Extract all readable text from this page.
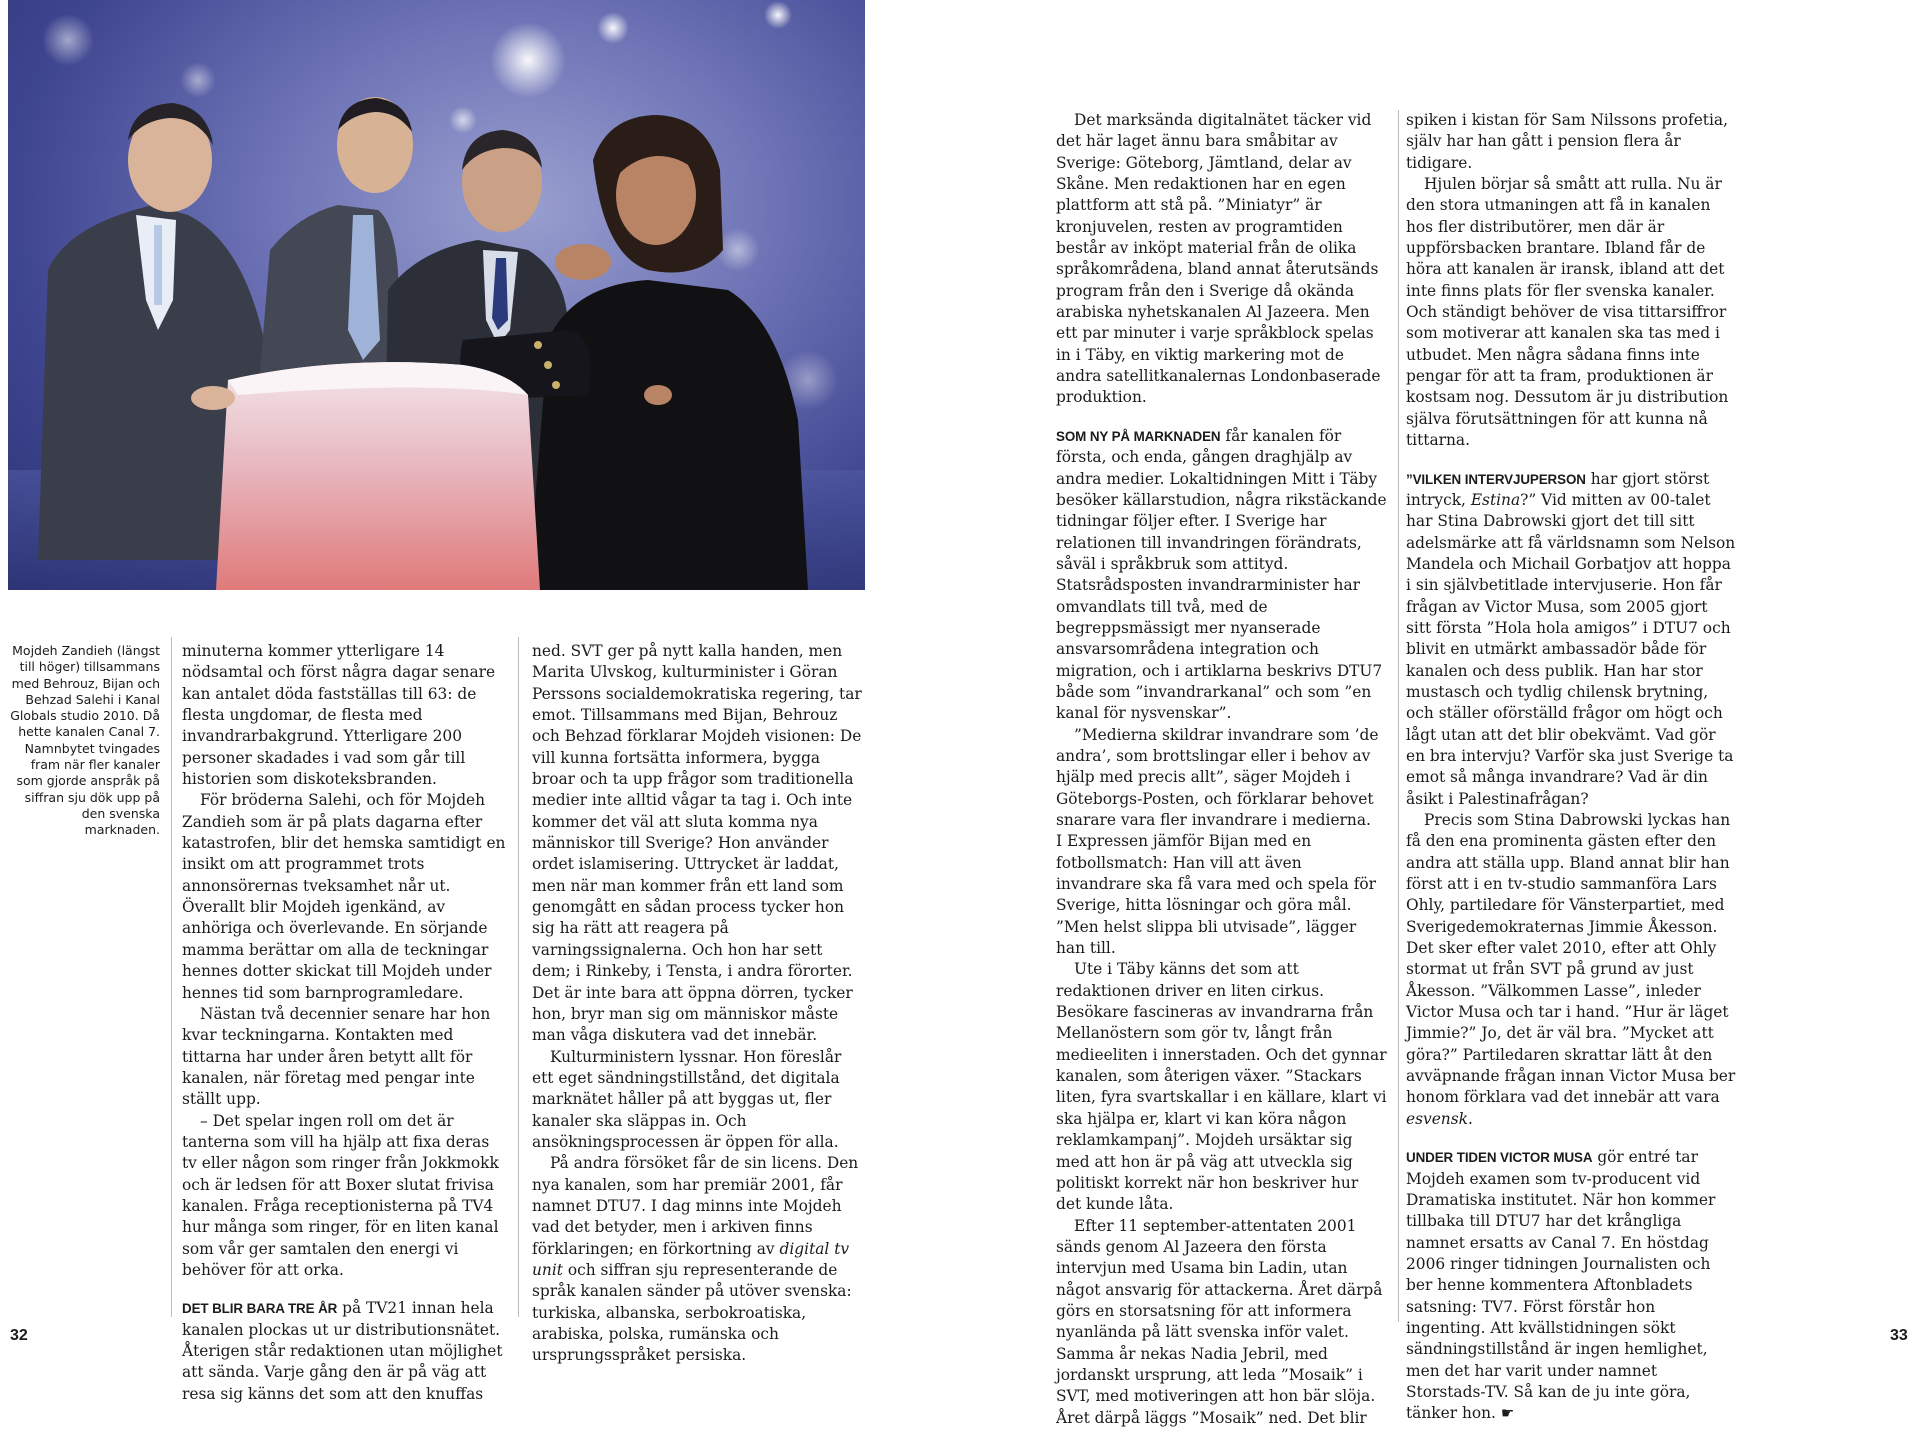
Mojdeh Zandieh (längst till höger) tillsammans med Behrouz, Bijan och Behzad Salehi i Kanal Globals studio 2010. Då hette kanalen Canal 7. Namnbytet tvingades fram när fler kanaler som gjorde anspråk på siffran sju dök upp på den svenska marknaden.

minuterna kommer ytterligare 14 nödsamtal och först några dagar senare kan antalet döda fastställas till 63: de flesta ungdomar, de flesta med invandrarbakgrund. Ytterligare 200 personer skadades i vad som går till historien som diskoteksbranden.

För bröderna Salehi, och för Mojdeh Zandieh som är på plats dagarna efter katastrofen, blir det hemska samtidigt en insikt om att programmet trots annonsörernas tveksamhet når ut. Överallt blir Mojdeh igenkänd, av anhöriga och överlevande. En sörjande mamma berättar om alla de teckningar hennes dotter skickat till Mojdeh under hennes tid som barnprogramledare.

Nästan två decennier senare har hon kvar teckningarna. Kontakten med tittarna har under åren betytt allt för kanalen, när företag med pengar inte ställt upp.

– Det spelar ingen roll om det är tanterna som vill ha hjälp att fixa deras tv eller någon som ringer från Jokkmokk och är ledsen för att Boxer slutat frivisa kanalen. Fråga receptionisterna på TV4 hur många som ringer, för en liten kanal som vår ger samtalen den energi vi behöver för att orka.

DET BLIR BARA TRE ÅR på TV21 innan hela kanalen plockas ut ur distributionsnätet. Återigen står redaktionen utan möjlighet att sända. Varje gång den är på väg att resa sig känns det som att den knuffas

ned. SVT ger på nytt kalla handen, men Marita Ulvskog, kulturminister i Göran Perssons socialdemokratiska regering, tar emot. Tillsammans med Bijan, Behrouz och Behzad förklarar Mojdeh visionen: De vill kunna fortsätta informera, bygga broar och ta upp frågor som traditionella medier inte alltid vågar ta tag i. Och inte kommer det väl att sluta komma nya människor till Sverige? Hon använder ordet islamisering. Uttrycket är laddat, men när man kommer från ett land som genomgått en sådan process tycker hon sig ha rätt att reagera på varningssignalerna. Och hon har sett dem; i Rinkeby, i Tensta, i andra förorter. Det är inte bara att öppna dörren, tycker hon, bryr man sig om människor måste man våga diskutera vad det innebär.

Kulturministern lyssnar. Hon föreslår ett eget sändningstillstånd, det digitala marknätet håller på att byggas ut, fler kanaler ska släppas in. Och ansökningsprocessen är öppen för alla.

På andra försöket får de sin licens. Den nya kanalen, som har premiär 2001, får namnet DTU7. I dag minns inte Mojdeh vad det betyder, men i arkiven finns förklaringen; en förkortning av digital tv unit och siffran sju representerande de språk kanalen sänder på utöver svenska: turkiska, albanska, serbokroatiska, arabiska, polska, rumänska och ursprungsspråket persiska.

32

Det marksända digitalnätet täcker vid det här laget ännu bara småbitar av Sverige: Göteborg, Jämtland, delar av Skåne. Men redaktionen har en egen plattform att stå på. ”Miniatyr” är kronjuvelen, resten av programtiden består av inköpt material från de olika språkområdena, bland annat återutsänds program från den i Sverige då okända arabiska nyhetskanalen Al Jazeera. Men ett par minuter i varje språkblock spelas in i Täby, en viktig markering mot de andra satellitkanalernas Londonbaserade produktion.

SOM NY PÅ MARKNADEN får kanalen för första, och enda, gången draghjälp av andra medier. Lokaltidningen Mitt i Täby besöker källarstudion, några rikstäckande tidningar följer efter. I Sverige har relationen till invandringen förändrats, såväl i språkbruk som attityd. Statsrådsposten invandrarminister har omvandlats till två, med de begreppsmässigt mer nyanserade ansvarsområdena integration och migration, och i artiklarna beskrivs DTU7 både som ”invandrarkanal” och som ”en kanal för nysvenskar”.

”Medierna skildrar invandrare som ’de andra’, som brottslingar eller i behov av hjälp med precis allt”, säger Mojdeh i Göteborgs-Posten, och förklarar behovet snarare vara fler invandrare i medierna.

I Expressen jämför Bijan med en fotbollsmatch: Han vill att även invandrare ska få vara med och spela för Sverige, hitta lösningar och göra mål. ”Men helst slippa bli utvisade”, lägger han till.

Ute i Täby känns det som att redaktionen driver en liten cirkus. Besökare fascineras av invandrarna från Mellanöstern som gör tv, långt från medieeliten i innerstaden. Och det gynnar kanalen, som återigen växer. ”Stackars liten, fyra svartskallar i en källare, klart vi ska hjälpa er, klart vi kan köra någon reklamkampanj”. Mojdeh ursäktar sig med att hon är på väg att utveckla sig politiskt korrekt när hon beskriver hur det kunde låta.

Efter 11 september-attentaten 2001 sänds genom Al Jazeera den första intervjun med Usama bin Ladin, utan något ansvarig för attackerna. Året därpå görs en storsatsning för att informera nyanlända på lätt svenska inför valet. Samma år nekas Nadia Jebril, med jordanskt ursprung, att leda ”Mosaik” i SVT, med motiveringen att hon bär slöja. Året därpå läggs ”Mosaik” ned. Det blir

spiken i kistan för Sam Nilssons profetia, själv har han gått i pension flera år tidigare.

Hjulen börjar så smått att rulla. Nu är den stora utmaningen att få in kanalen hos fler distributörer, men där är uppförsbacken brantare. Ibland får de höra att kanalen är iransk, ibland att det inte finns plats för fler svenska kanaler. Och ständigt behöver de visa tittarsiffror som motiverar att kanalen ska tas med i utbudet. Men några sådana finns inte pengar för att ta fram, produktionen är kostsam nog. Dessutom är ju distribution själva förutsättningen för att kunna nå tittarna.

”VILKEN INTERVJUPERSON har gjort störst intryck, Estina?” Vid mitten av 00-talet har Stina Dabrowski gjort det till sitt adelsmärke att få världsnamn som Nelson Mandela och Michail Gorbatjov att hoppa i sin självbetitlade intervjuserie. Hon får frågan av Victor Musa, som 2005 gjort sitt första ”Hola hola amigos” i DTU7 och blivit en utmärkt ambassadör både för kanalen och dess publik. Han har stor mustasch och tydlig chilensk brytning, och ställer oförställd frågor om högt och lågt utan att det blir obekvämt. Vad gör en bra intervju? Varför ska just Sverige ta emot så många invandrare? Vad är din åsikt i Palestinafrågan?

Precis som Stina Dabrowski lyckas han få den ena prominenta gästen efter den andra att ställa upp. Bland annat blir han först att i en tv-studio sammanföra Lars Ohly, partiledare för Vänsterpartiet, med Sverigedemokraternas Jimmie Åkesson. Det sker efter valet 2010, efter att Ohly stormat ut från SVT på grund av just Åkesson. ”Välkommen Lasse”, inleder Victor Musa och tar i hand. ”Hur är läget Jimmie?” Jo, det är väl bra. ”Mycket att göra?” Partiledaren skrattar lätt åt den avväpnande frågan innan Victor Musa ber honom förklara vad det innebär att vara esvensk.

UNDER TIDEN VICTOR MUSA gör entré tar Mojdeh examen som tv-producent vid Dramatiska institutet. När hon kommer tillbaka till DTU7 har det krångliga namnet ersatts av Canal 7. En höstdag 2006 ringer tidningen Journalisten och ber henne kommentera Aftonbladets satsning: TV7. Först förstår hon ingenting. Att kvällstidningen sökt sändningstillstånd är ingen hemlighet, men det har varit under namnet Storstads-TV. Så kan de ju inte göra, tänker hon. ☛

33
